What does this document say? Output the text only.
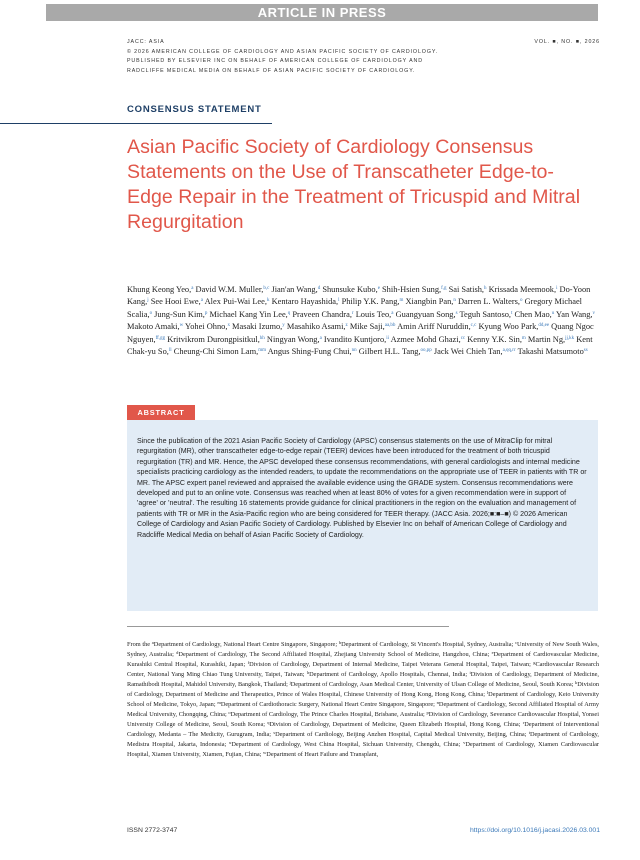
ARTICLE IN PRESS
JACC: ASIA
© 2026 AMERICAN COLLEGE OF CARDIOLOGY AND ASIAN PACIFIC SOCIETY OF CARDIOLOGY.
PUBLISHED BY ELSEVIER INC ON BEHALF OF AMERICAN COLLEGE OF CARDIOLOGY AND
RADCLIFFE MEDICAL MEDIA ON BEHALF OF ASIAN PACIFIC SOCIETY OF CARDIOLOGY.
VOL. ■, NO. ■, 2026
CONSENSUS STATEMENT
Asian Pacific Society of Cardiology Consensus Statements on the Use of Transcatheter Edge-to-Edge Repair in the Treatment of Tricuspid and Mitral Regurgitation
Khung Keong Yeo,$^a$ David W.M. Muller,$^{b,c}$ Jian'an Wang,$^d$ Shunsuke Kubo,$^e$ Shih-Hsien Sung,$^{f,g}$ Sai Satish,$^h$ Krissada Meemook,$^i$ Do-Yoon Kang,$^j$ See Hooi Ewe,$^a$ Alex Pui-Wai Lee,$^k$ Kentaro Hayashida,$^l$ Philip Y.K. Pang,$^m$ Xiangbin Pan,$^n$ Darren L. Walters,$^o$ Gregory Michael Scalia,$^o$ Jung-Sun Kim,$^p$ Michael Kang Yin Lee,$^q$ Praveen Chandra,$^r$ Louis Teo,$^a$ Guangyuan Song,$^s$ Teguh Santoso,$^t$ Chen Mao,$^u$ Yan Wang,$^v$ Makoto Amaki,$^w$ Yohei Ohno,$^x$ Masaki Izumo,$^y$ Masahiko Asami,$^z$ Mike Saji,$^{aa,bb}$ Amin Ariff Nuruddin,$^{c,c}$ Kyung Woo Park,$^{dd,ee}$ Quang Ngoc Nguyen,$^{ff,gg}$ Kritvikrom Durongpisitkul,$^{hh}$ Ningyan Wong,$^a$ Ivandito Kuntjoro,$^{ii}$ Azmee Mohd Ghazi,$^{cc}$ Kenny Y.K. Sin,$^m$ Martin Ng,$^{jj,kk}$ Kent Chak-yu So,$^{ll}$ Cheung-Chi Simon Lam,$^{mm}$ Angus Shing-Fung Chui,$^{nn}$ Gilbert H.L. Tang,$^{oo,pp}$ Jack Wei Chieh Tan,$^{a,qq,rr}$ Takashi Matsumoto$^{ss}$
ABSTRACT

Since the publication of the 2021 Asian Pacific Society of Cardiology (APSC) consensus statements on the use of MitraClip for mitral regurgitation (MR), other transcatheter edge-to-edge repair (TEER) devices have been introduced for the treatment of both tricuspid regurgitation (TR) and MR. Hence, the APSC developed these consensus recommendations, with general cardiologists and internal medicine specialists practicing cardiology as the intended readers, to update the recommendations on the appropriate use of TEER in patients with TR or MR. The APSC expert panel reviewed and appraised the available evidence using the GRADE system. Consensus recommendations were developed and put to an online vote. Consensus was reached when at least 80% of votes for a given recommendation were in support of 'agree' or 'neutral'. The resulting 16 statements provide guidance for clinical practitioners in the region on the evaluation and management of patients with TR or MR in the Asia-Pacific region who are being considered for TEER therapy. (JACC Asia. 2026;■:■–■) © 2026 American College of Cardiology and Asian Pacific Society of Cardiology. Published by Elsevier Inc on behalf of American College of Cardiology and Radcliffe Medical Media on behalf of Asian Pacific Society of Cardiology.

From the $^a$Department of Cardiology, National Heart Centre Singapore, Singapore; $^b$Department of Cardiology, St Vincent's Hospital, Sydney, Australia; $^c$University of New South Wales, Sydney, Australia; $^d$Department of Cardiology, The Second Affiliated Hospital, Zhejiang University School of Medicine, Hangzhou, China; $^e$Department of Cardiovascular Medicine, Kurashiki Central Hospital, Kurashiki, Japan; $^f$Division of Cardiology, Department of Internal Medicine, Taipei Veterans General Hospital, Taipei, Taiwan; $^g$Cardiovascular Research Center, National Yang Ming Chiao Tung University, Taipei, Taiwan; $^h$Department of Cardiology, Apollo Hospitals, Chennai, India; $^i$Division of Cardiology, Department of Medicine, Ramathibodi Hospital, Mahidol University, Bangkok, Thailand; $^j$Department of Cardiology, Asan Medical Center, University of Ulsan College of Medicine, Seoul, South Korea; $^k$Division of Cardiology, Department of Medicine and Therapeutics, Prince of Wales Hospital, Chinese University of Hong Kong, Hong Kong, China; $^l$Department of Cardiology, Keio University School of Medicine, Tokyo, Japan; $^m$Department of Cardiothoracic Surgery, National Heart Centre Singapore, Singapore; $^n$Department of Cardiology, Second Affiliated Hospital of Army Medical University, Chongqing, China; $^o$Department of Cardiology, The Prince Charles Hospital, Brisbane, Australia; $^p$Division of Cardiology, Severance Cardiovascular Hospital, Yonsei University College of Medicine, Seoul, South Korea; $^q$Division of Cardiology, Department of Medicine, Queen Elizabeth Hospital, Hong Kong, China; $^r$Department of Interventional Cardiology, Medanta – The Medicity, Gurugram, India; $^s$Department of Cardiology, Beijing Anzhen Hospital, Capital Medical University, Beijing, China; $^t$Department of Cardiology, Medistra Hospital, Jakarta, Indonesia; $^u$Department of Cardiology, West China Hospital, Sichuan University, Chengdu, China; $^v$Department of Cardiology, Xiamen Cardiovascular Hospital, Xiamen University, Xiamen, Fujian, China; $^w$Department of Heart Failure and Transplant,
ISSN 2772-3747	https://doi.org/10.1016/j.jacasi.2026.03.001
